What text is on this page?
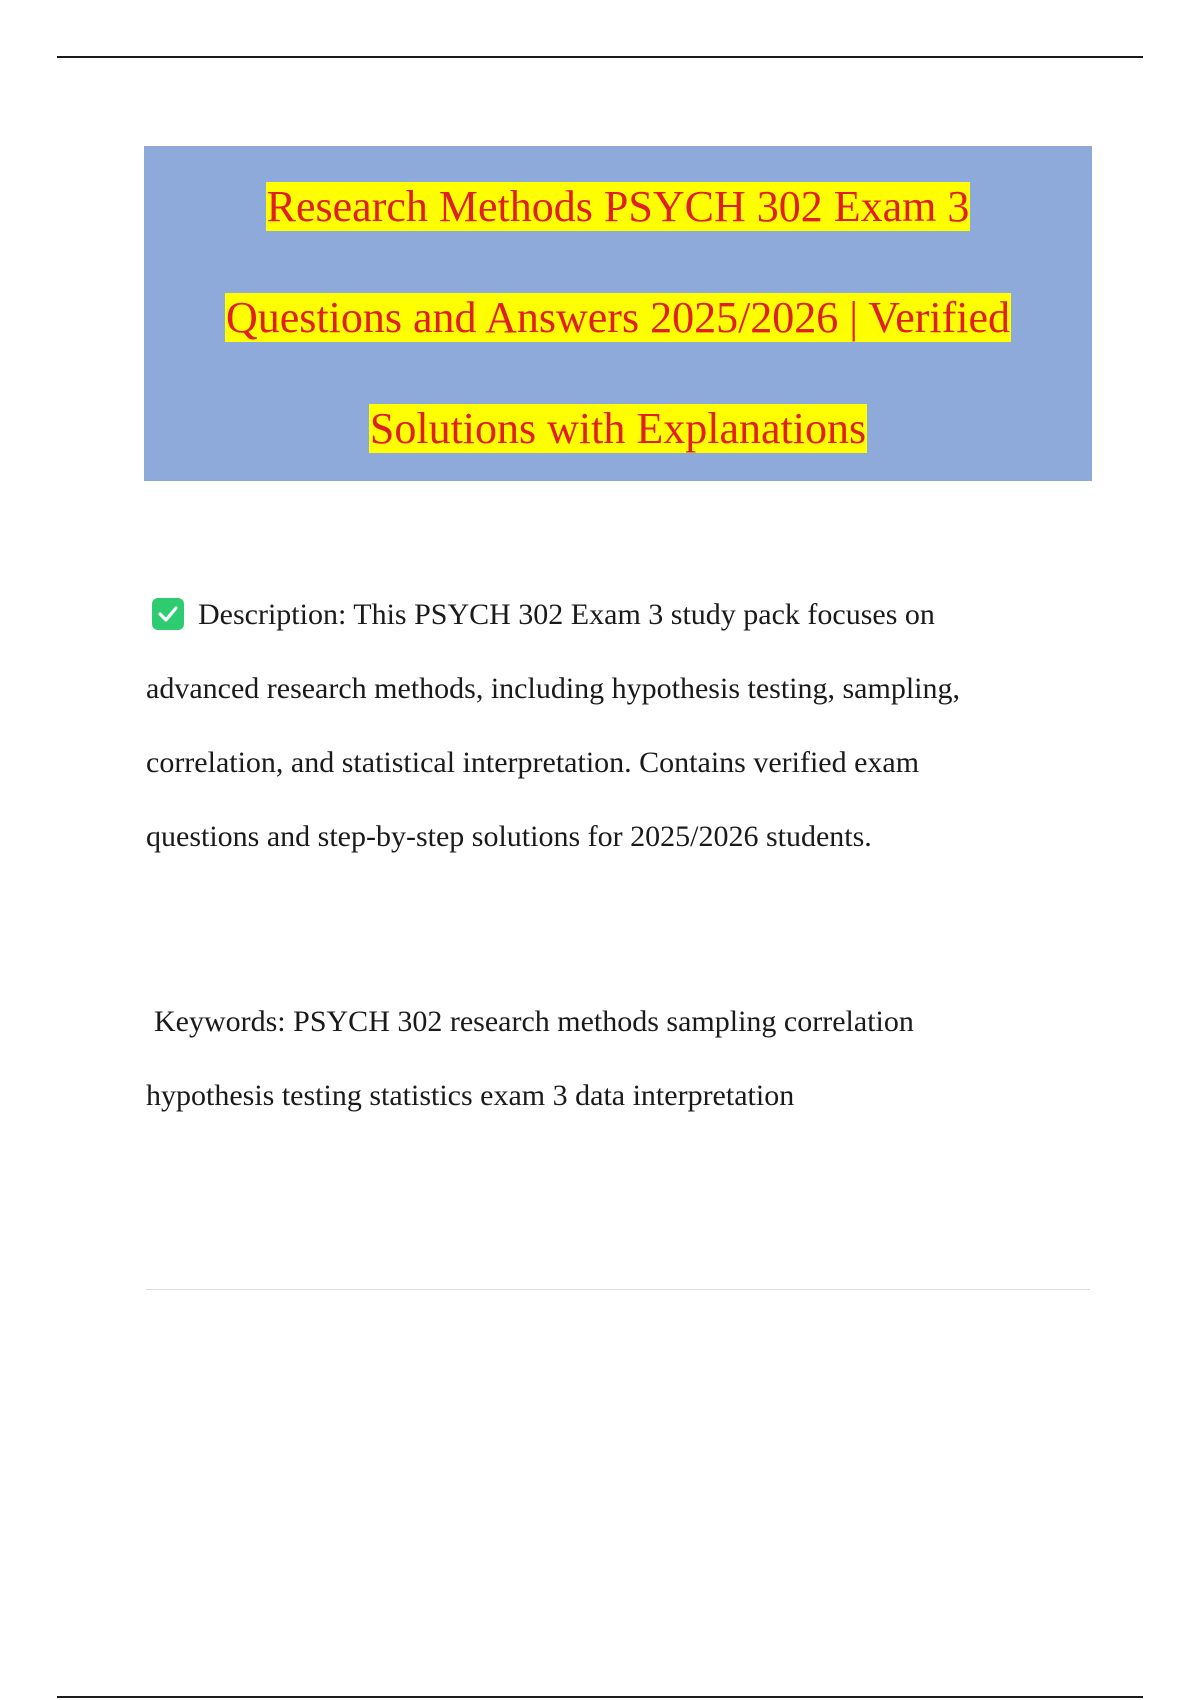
Research Methods PSYCH 302 Exam 3
Questions and Answers 2025/2026 | Verified
Solutions with Explanations
Description: This PSYCH 302 Exam 3 study pack focuses on
advanced research methods, including hypothesis testing, sampling,
correlation, and statistical interpretation. Contains verified exam
questions and step-by-step solutions for 2025/2026 students.
Keywords: PSYCH 302 research methods sampling correlation
hypothesis testing statistics exam 3 data interpretation
